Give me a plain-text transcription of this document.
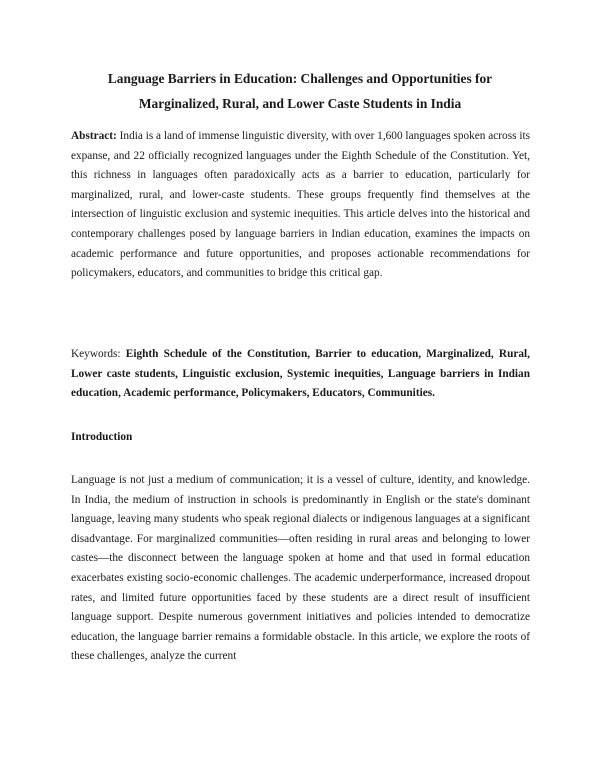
Language Barriers in Education: Challenges and Opportunities for
Marginalized, Rural, and Lower Caste Students in India

Abstract: India is a land of immense linguistic diversity, with over 1,600 languages spoken across its expanse, and 22 officially recognized languages under the Eighth Schedule of the Constitution. Yet, this richness in languages often paradoxically acts as a barrier to education, particularly for marginalized, rural, and lower-caste students. These groups frequently find themselves at the intersection of linguistic exclusion and systemic inequities. This article delves into the historical and contemporary challenges posed by language barriers in Indian education, examines the impacts on academic performance and future opportunities, and proposes actionable recommendations for policymakers, educators, and communities to bridge this critical gap.

Keywords: Eighth Schedule of the Constitution, Barrier to education, Marginalized, Rural, Lower caste students, Linguistic exclusion, Systemic inequities, Language barriers in Indian education, Academic performance, Policymakers, Educators, Communities.

Introduction

Language is not just a medium of communication; it is a vessel of culture, identity, and knowledge. In India, the medium of instruction in schools is predominantly in English or the state's dominant language, leaving many students who speak regional dialects or indigenous languages at a significant disadvantage. For marginalized communities—often residing in rural areas and belonging to lower castes—the disconnect between the language spoken at home and that used in formal education exacerbates existing socio-economic challenges. The academic underperformance, increased dropout rates, and limited future opportunities faced by these students are a direct result of insufficient language support. Despite numerous government initiatives and policies intended to democratize education, the language barrier remains a formidable obstacle. In this article, we explore the roots of these challenges, analyze the current
